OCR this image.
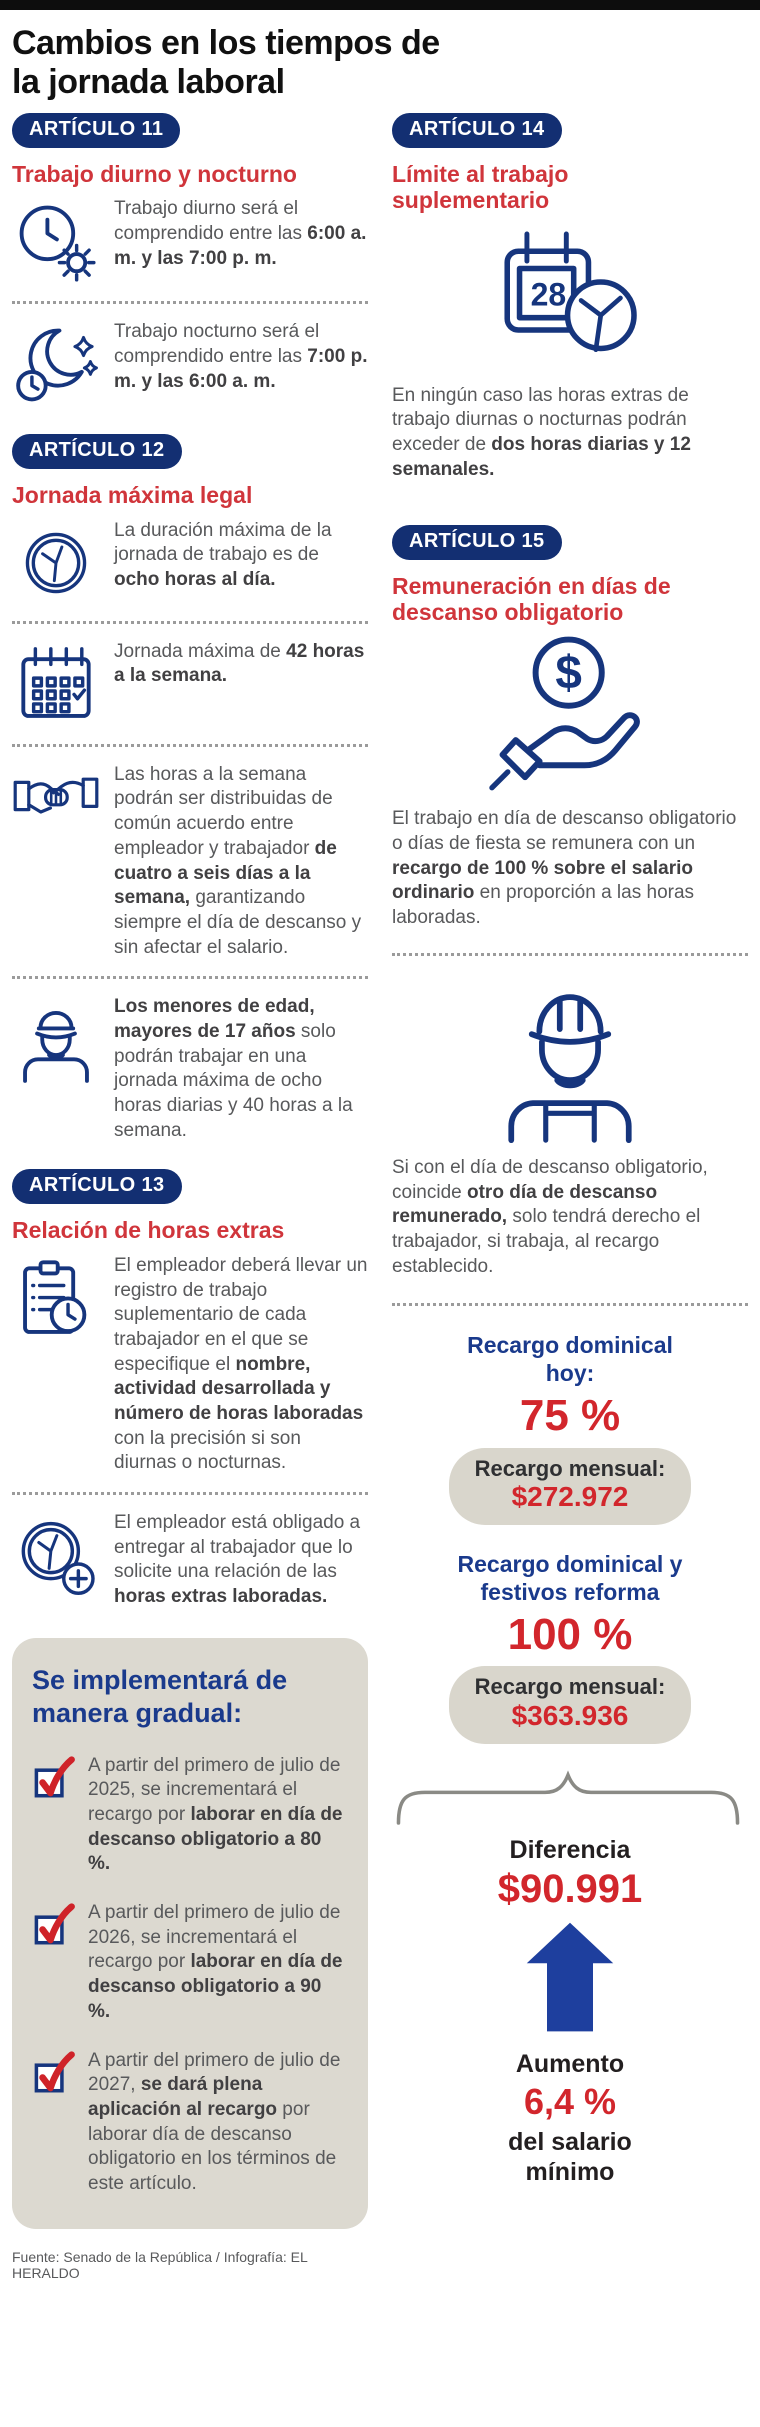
Cambios en los tiempos de la jornada laboral
ARTÍCULO 11
Trabajo diurno y nocturno

Trabajo diurno será el comprendido entre las 6:00 a. m. y las 7:00 p. m.

Trabajo nocturno será el comprendido entre las 7:00 p. m. y las 6:00 a. m.

ARTÍCULO 12
Jornada máxima legal

La duración máxima de la jornada de trabajo es de ocho horas al día.

Jornada máxima de 42 horas a la semana.

Las horas a la semana podrán ser distribuidas de común acuerdo entre empleador y trabajador de cuatro a seis días a la semana, garantizando siempre el día de descanso y sin afectar el salario.

Los menores de edad, mayores de 17 años solo podrán trabajar en una jornada máxima de ocho horas diarias y 40 horas a la semana.

ARTÍCULO 13
Relación de horas extras

El empleador deberá llevar un registro de trabajo suplementario de cada trabajador en el que se especifique el nombre, actividad desarrollada y número de horas laboradas con la precisión si son diurnas o nocturnas.

El empleador está obligado a entregar al trabajador que lo solicite una relación de las horas extras laboradas.

Se implementará de manera gradual:

A partir del primero de julio de 2025, se incrementará el recargo por laborar en día de descanso obligatorio a 80 %.

A partir del primero de julio de 2026, se incrementará el recargo por laborar en día de descanso obligatorio a 90 %.

A partir del primero de julio de 2027, se dará plena aplicación al recargo por laborar día de descanso obligatorio en los términos de este artículo.

Fuente: Senado de la República / Infografía: EL HERALDO

ARTÍCULO 14
Límite al trabajo suplementario
28

En ningún caso las horas extras de trabajo diurnas o nocturnas podrán exceder de dos horas diarias y 12 semanales.

ARTÍCULO 15
Remuneración en días de descanso obligatorio
$

El trabajo en día de descanso obligatorio o días de fiesta se remunera con un recargo de 100 % sobre el salario ordinario en proporción a las horas laboradas.

Si con el día de descanso obligatorio, coincide otro día de descanso remunerado, solo tendrá derecho el trabajador, si trabaja, al recargo establecido.

Recargo dominical hoy:
75 %
Recargo mensual:
$272.972
Recargo dominical y festivos reforma
100 %
Recargo mensual:
$363.936
Diferencia
$90.991
Aumento
6,4 %
del salario mínimo
